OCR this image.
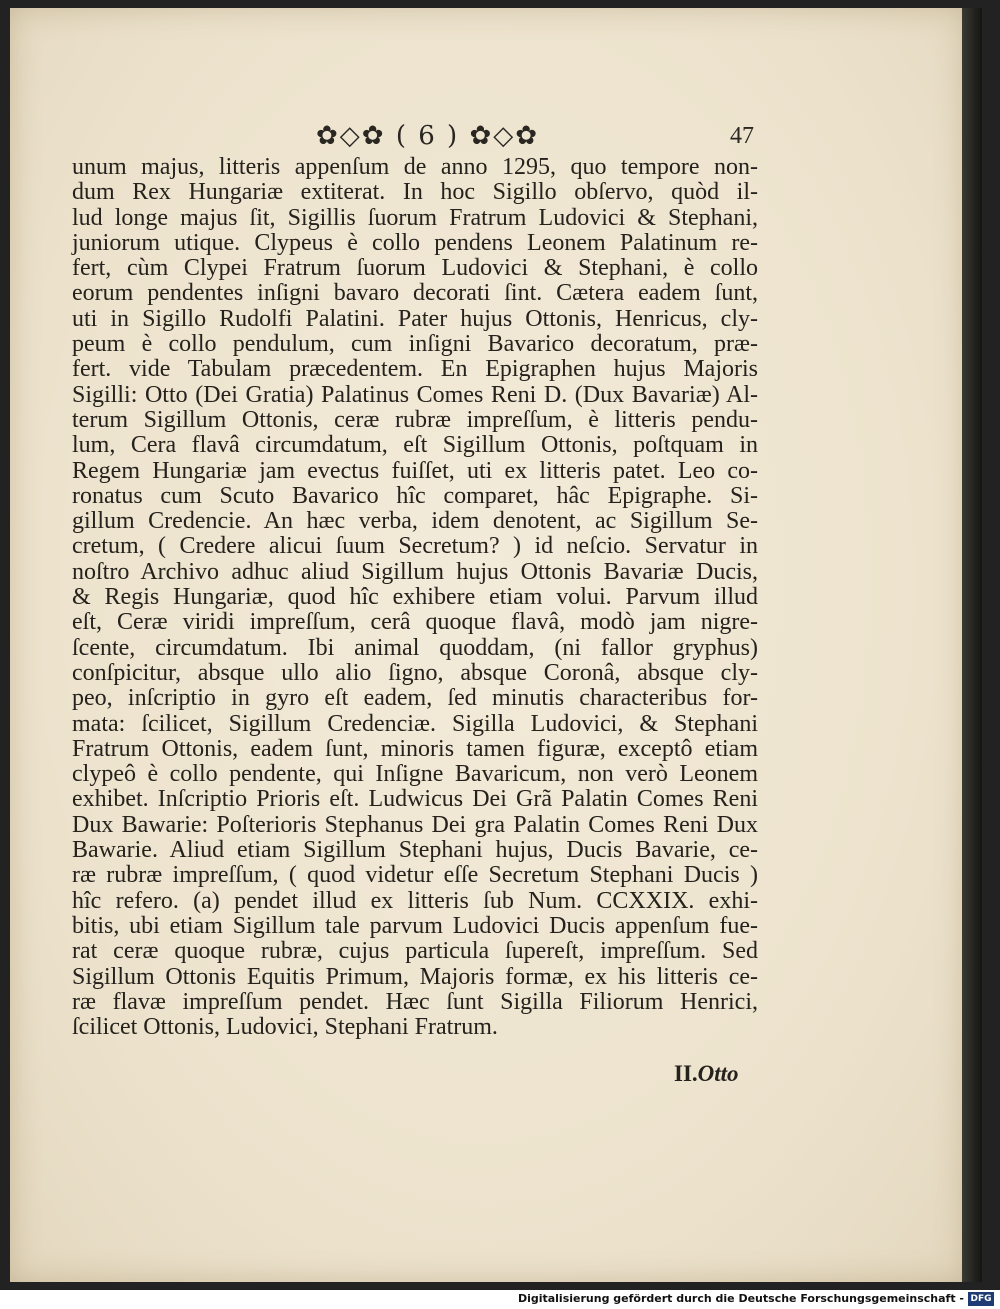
✿◇✿ ( 6 ) ✿◇✿	47
unum majus, litteris appenſum de anno 1295, quo tempore non-
dum Rex Hungariæ extiterat. In hoc Sigillo obſervo, quòd il-
lud longe majus ſit, Sigillis ſuorum Fratrum Ludovici & Stephani,
juniorum utique. Clypeus è collo pendens Leonem Palatinum re-
fert, cùm Clypei Fratrum ſuorum Ludovici & Stephani, è collo
eorum pendentes inſigni bavaro decorati ſint. Cætera eadem ſunt,
uti in Sigillo Rudolfi Palatini. Pater hujus Ottonis, Henricus, cly-
peum è collo pendulum, cum inſigni Bavarico decoratum, præ-
fert. vide Tabulam præcedentem. En Epigraphen hujus Majoris
Sigilli: Otto (Dei Gratia) Palatinus Comes Reni D. (Dux Bavariæ) Al-
terum Sigillum Ottonis, ceræ rubræ impreſſum, è litteris pendu-
lum, Cera flavâ circumdatum, eſt Sigillum Ottonis, poſtquam in
Regem Hungariæ jam evectus fuiſſet, uti ex litteris patet. Leo co-
ronatus cum Scuto Bavarico hîc comparet, hâc Epigraphe. Si-
gillum Credencie. An hæc verba, idem denotent, ac Sigillum Se-
cretum, ( Credere alicui ſuum Secretum? ) id neſcio. Servatur in
noſtro Archivo adhuc aliud Sigillum hujus Ottonis Bavariæ Ducis,
& Regis Hungariæ, quod hîc exhibere etiam volui. Parvum illud
eſt, Ceræ viridi impreſſum, cerâ quoque flavâ, modò jam nigre-
ſcente, circumdatum. Ibi animal quoddam, (ni fallor gryphus)
conſpicitur, absque ullo alio ſigno, absque Coronâ, absque cly-
peo, inſcriptio in gyro eſt eadem, ſed minutis characteribus for-
mata: ſcilicet, Sigillum Credenciæ. Sigilla Ludovici, & Stephani
Fratrum Ottonis, eadem ſunt, minoris tamen figuræ, exceptô etiam
clypeô è collo pendente, qui Inſigne Bavaricum, non verò Leonem
exhibet. Inſcriptio Prioris eſt. Ludwicus Dei Grã Palatin Comes Reni
Dux Bawarie: Poſterioris Stephanus Dei gra Palatin Comes Reni Dux
Bawarie. Aliud etiam Sigillum Stephani hujus, Ducis Bavarie, ce-
ræ rubræ impreſſum, ( quod videtur eſſe Secretum Stephani Ducis )
hîc refero. (a) pendet illud ex litteris ſub Num. CCXXIX. exhi-
bitis, ubi etiam Sigillum tale parvum Ludovici Ducis appenſum fue-
rat ceræ quoque rubræ, cujus particula ſupereſt, impreſſum. Sed
Sigillum Ottonis Equitis Primum, Majoris formæ, ex his litteris ce-
ræ flavæ impreſſum pendet. Hæc ſunt Sigilla Filiorum Henrici,
ſcilicet Ottonis, Ludovici, Stephani Fratrum.
II.Otto
Digitalisierung gefördert durch die Deutsche Forschungsgemeinschaft - DFG
